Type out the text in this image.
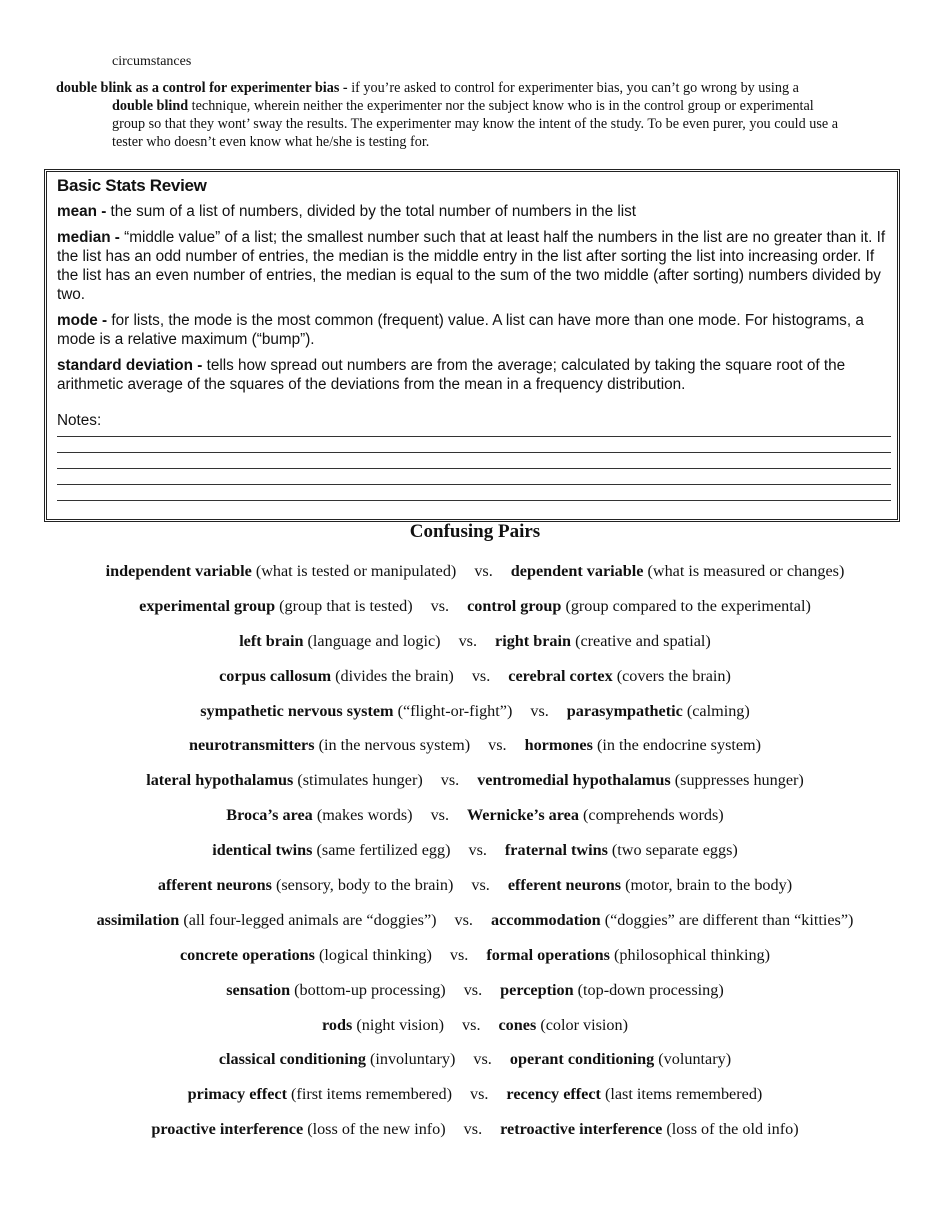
circumstances
double blink as a control for experimenter bias - if you’re asked to control for experimenter bias, you can’t go wrong by using a
double blind technique, wherein neither the experimenter nor the subject know who is in the control group or experimental group so that they wont’ sway the results. The experimenter may know the intent of the study. To be even purer, you could use a tester who doesn’t even know what he/she is testing for.
Basic Stats Review
mean - the sum of a list of numbers, divided by the total number of numbers in the list
median - “middle value” of a list; the smallest number such that at least half the numbers in the list are no greater than it. If the list has an odd number of entries, the median is the middle entry in the list after sorting the list into increasing order. If the list has an even number of entries, the median is equal to the sum of the two middle (after sorting) numbers divided by two.
mode - for lists, the mode is the most common (frequent) value. A list can have more than one mode. For histograms, a mode is a relative maximum (“bump”).
standard deviation - tells how spread out numbers are from the average; calculated by taking the square root of the arithmetic average of the squares of the deviations from the mean in a frequency distribution.
Notes:
Confusing Pairs
independent variable (what is tested or manipulated) vs. dependent variable (what is measured or changes)
experimental group (group that is tested) vs. control group (group compared to the experimental)
left brain (language and logic) vs. right brain (creative and spatial)
corpus callosum (divides the brain) vs. cerebral cortex (covers the brain)
sympathetic nervous system (“flight-or-fight”) vs. parasympathetic (calming)
neurotransmitters (in the nervous system) vs. hormones (in the endocrine system)
lateral hypothalamus (stimulates hunger) vs. ventromedial hypothalamus (suppresses hunger)
Broca’s area (makes words) vs. Wernicke’s area (comprehends words)
identical twins (same fertilized egg) vs. fraternal twins (two separate eggs)
afferent neurons (sensory, body to the brain) vs. efferent neurons (motor, brain to the body)
assimilation (all four-legged animals are “doggies”) vs. accommodation (“doggies” are different than “kitties”)
concrete operations (logical thinking) vs. formal operations (philosophical thinking)
sensation (bottom-up processing) vs. perception (top-down processing)
rods (night vision) vs. cones (color vision)
classical conditioning (involuntary) vs. operant conditioning (voluntary)
primacy effect (first items remembered) vs. recency effect (last items remembered)
proactive interference (loss of the new info) vs. retroactive interference (loss of the old info)
